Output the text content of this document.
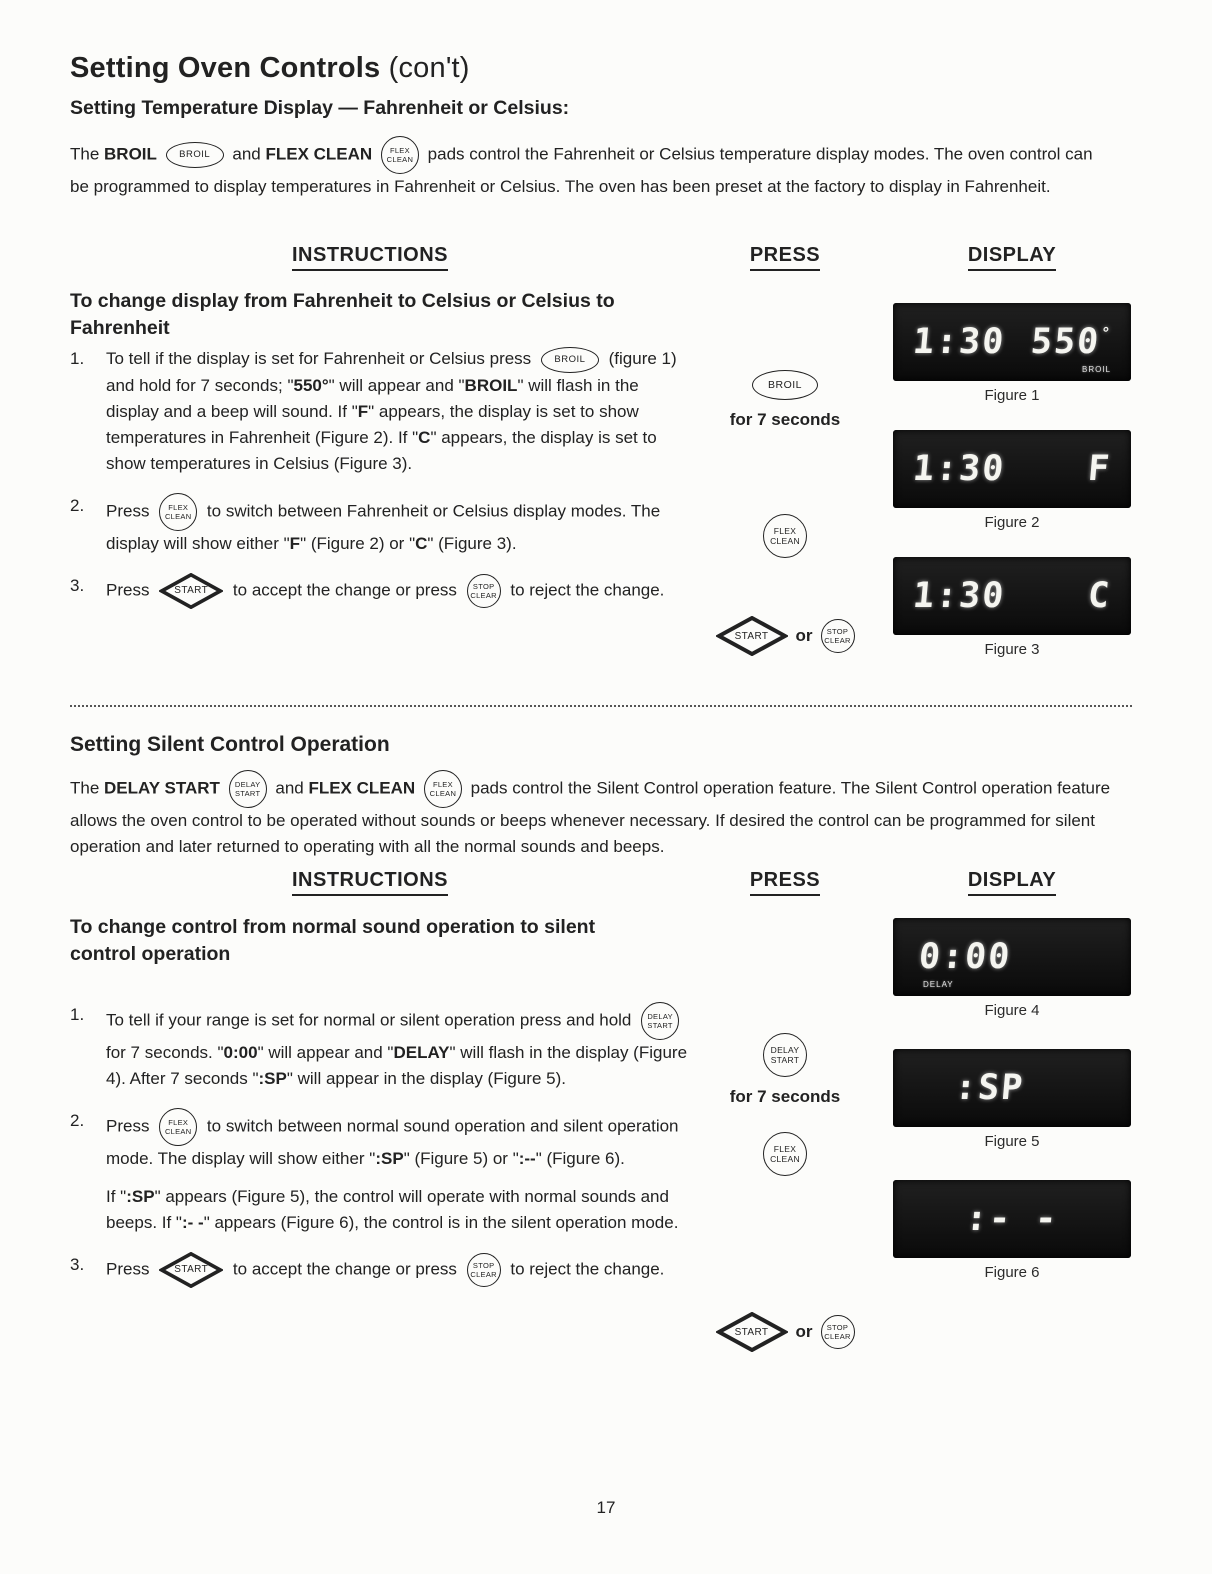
Setting Oven Controls (con't)
Setting Temperature Display — Fahrenheit or Celsius:
The BROIL BROIL and FLEX CLEAN FLEX
CLEAN pads control the Fahrenheit or Celsius temperature display modes. The oven control can be programmed to display temperatures in Fahrenheit or Celsius. The oven has been preset at the factory to display in Fahrenheit.
INSTRUCTIONS	PRESS	DISPLAY
To change display from Fahrenheit to Celsius or Celsius to Fahrenheit
1.	To tell if the display is set for Fahrenheit or Celsius press BROIL (figure 1) and hold for 7 seconds; "550°" will appear and "BROIL" will flash in the display and a beep will sound. If "F" appears, the display is set to show temperatures in Fahrenheit (Figure 2). If "C" appears, the display is set to show temperatures in Celsius (Figure 3).
2.	Press	FLEX
CLEAN to switch between Fahrenheit or Celsius display modes. The display will show either "F" (Figure 2) or "C" (Figure 3).
3.	Press	START	to accept the change or press STOP
CLEAR to reject the change.
BROIL
for 7 seconds
FLEX
CLEAN
START	or STOP
CLEAR
1:30 550°
BROIL
Figure 1
1:30 F
Figure 2
1:30 C
Figure 3
Setting Silent Control Operation
The DELAY START DELAY
START and FLEX CLEAN FLEX
CLEAN pads control the Silent Control operation feature. The Silent Control operation feature allows the oven control to be operated without sounds or beeps whenever necessary. If desired the control can be programmed for silent operation and later returned to operating with all the normal sounds and beeps.
INSTRUCTIONS	PRESS	DISPLAY
To change control from normal sound operation to silent control operation
1.	To tell if your range is set for normal or silent operation press and hold DELAY
START
for 7 seconds. "0:00" will appear and "DELAY" will flash in the display (Figure 4). After 7 seconds ":SP" will appear in the display (Figure 5).
2.	Press	FLEX
CLEAN to switch between normal sound operation and silent operation mode. The display will show either ":SP" (Figure 5) or ":--" (Figure 6).
If ":SP" appears (Figure 5), the control will operate with normal sounds and beeps. If ":- -" appears (Figure 6), the control is in the silent operation mode.
3.	Press	START	to accept the change or press STOP
CLEAR to reject the change.
DELAY
START
for 7 seconds
FLEX
CLEAN
START	or STOP
CLEAR
0:00
DELAY
Figure 4
:SP
Figure 5
:- -
Figure 6
17
